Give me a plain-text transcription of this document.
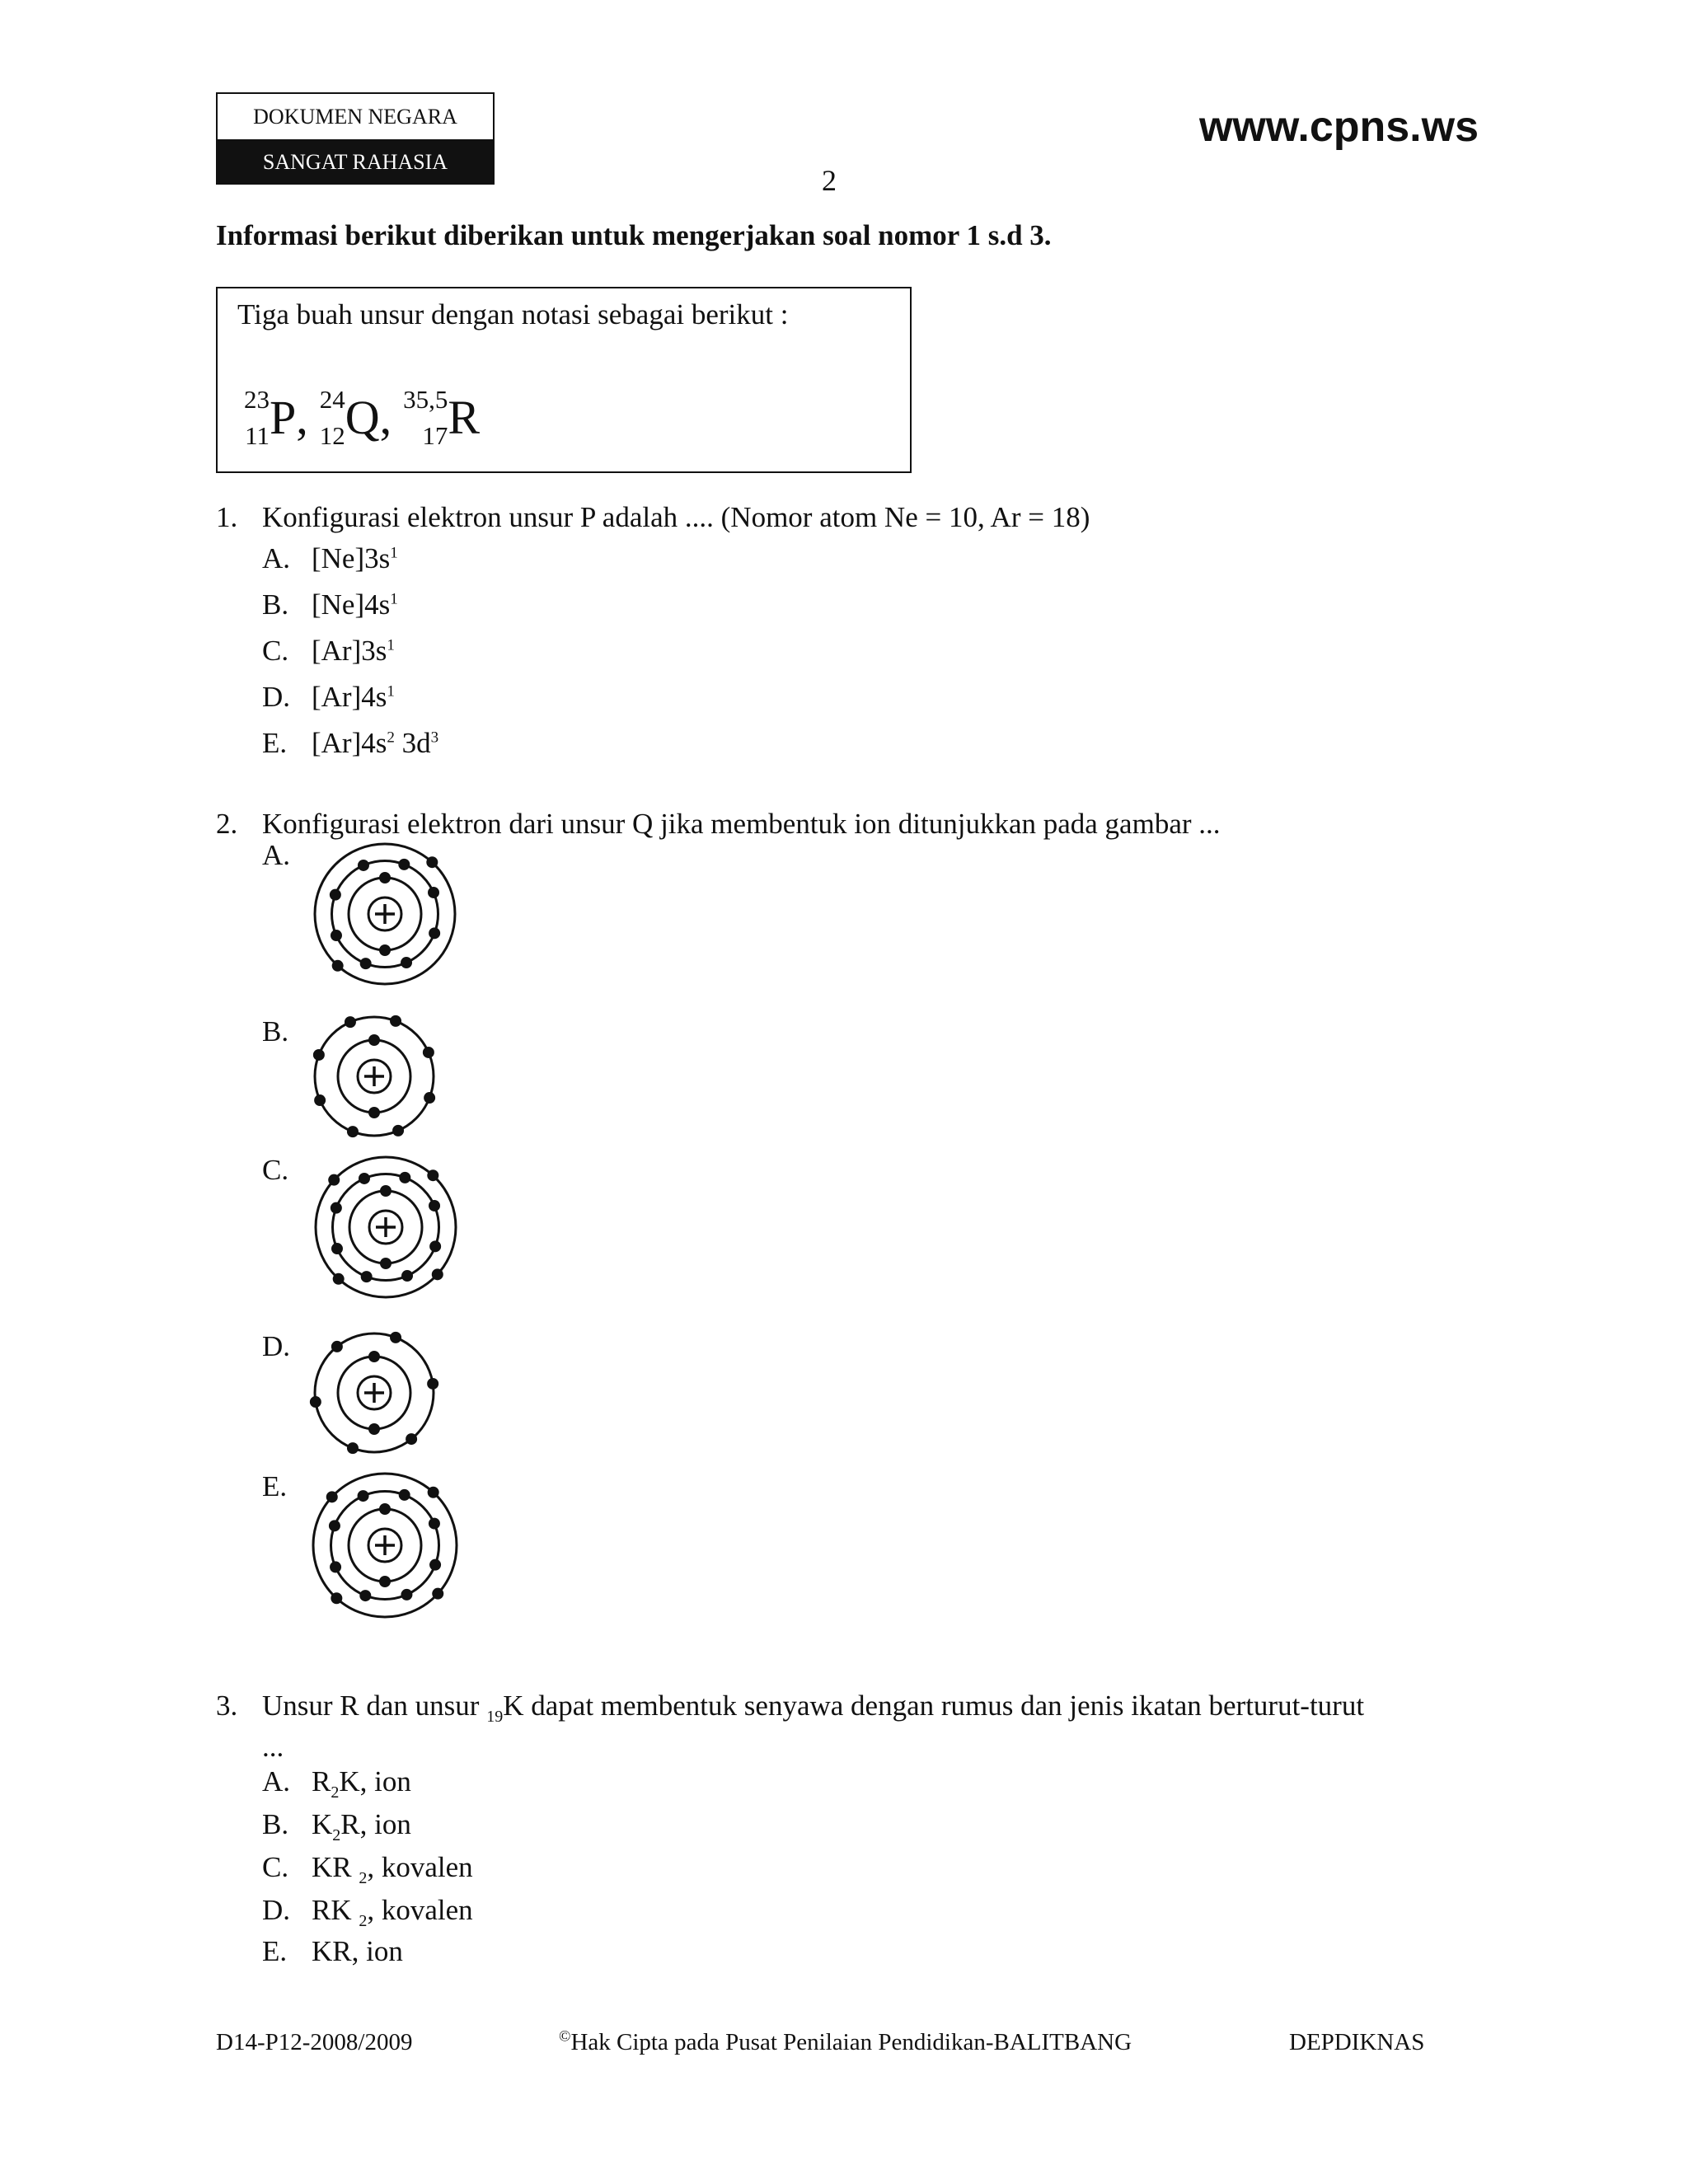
DOKUMEN NEGARA
SANGAT RAHASIA
www.cpns.ws
2
Informasi berikut diberikan untuk mengerjakan soal nomor 1 s.d 3.
Tiga buah unsur dengan notasi sebagai berikut :
23
11 P , 24
12 Q , 35,5
17 R
1. Konfigurasi elektron unsur P adalah .... (Nomor atom Ne = 10, Ar = 18)
A. $[Ne]3s^1$
B. $[Ne]4s^1$
C. $[Ar]3s^1$
D. $[Ar]4s^1$
E. $[Ar]4s^2$ $3d^3$
2. Konfigurasi elektron dari unsur Q jika membentuk ion ditunjukkan pada gambar ...
A.
B.
C.
D.
E.
3. Unsur R dan unsur $_{19}$K dapat membentuk senyawa dengan rumus dan jenis ikatan berturut-turut
...
A. $R_2K$, ion
B. $K_2R$, ion
C. KR $_2$, kovalen
D. RK $_2$, kovalen
E. KR, ion
D14-P12-2008/2009	©Hak Cipta pada Pusat Penilaian Pendidikan-BALITBANG	DEPDIKNAS
